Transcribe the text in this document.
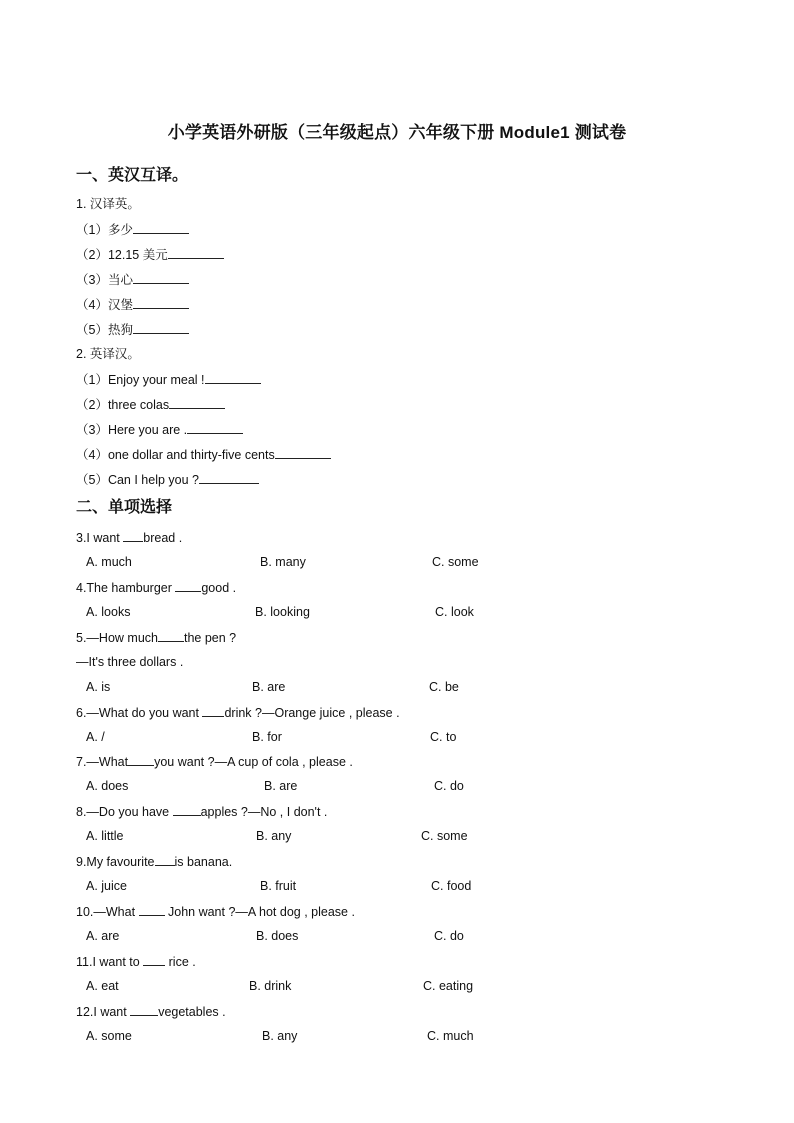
小学英语外研版（三年级起点）六年级下册 Module1 测试卷
一、英汉互译。
1. 汉译英。
（1）多少
（2）12.15 美元
（3）当心
（4）汉堡
（5）热狗
2. 英译汉。
（1）Enjoy your meal !
（2）three colas
（3）Here you are .
（4）one dollar and thirty-five cents
（5）Can I help you ?
二、单项选择
3.I want bread .
A. much	B. many	C. some
4.The hamburger good .
A. looks	B. looking	C. look
5.—How much the pen ?
—It's three dollars .
A. is	B. are	C. be
6.—What do you want drink ?—Orange juice , please .
A. /	B. for	C. to
7.—What you want ?—A cup of cola , please .
A. does	B. are	C. do
8.—Do you have apples ?—No , I don't .
A. little	B. any	C. some
9.My favourite is banana.
A. juice	B. fruit	C. food
10.—What  John want ?—A hot dog , please .
A. are	B. does	C. do
11.I want to  rice .
A. eat	B. drink	C. eating
12.I want vegetables .
A. some	B. any	C. much
